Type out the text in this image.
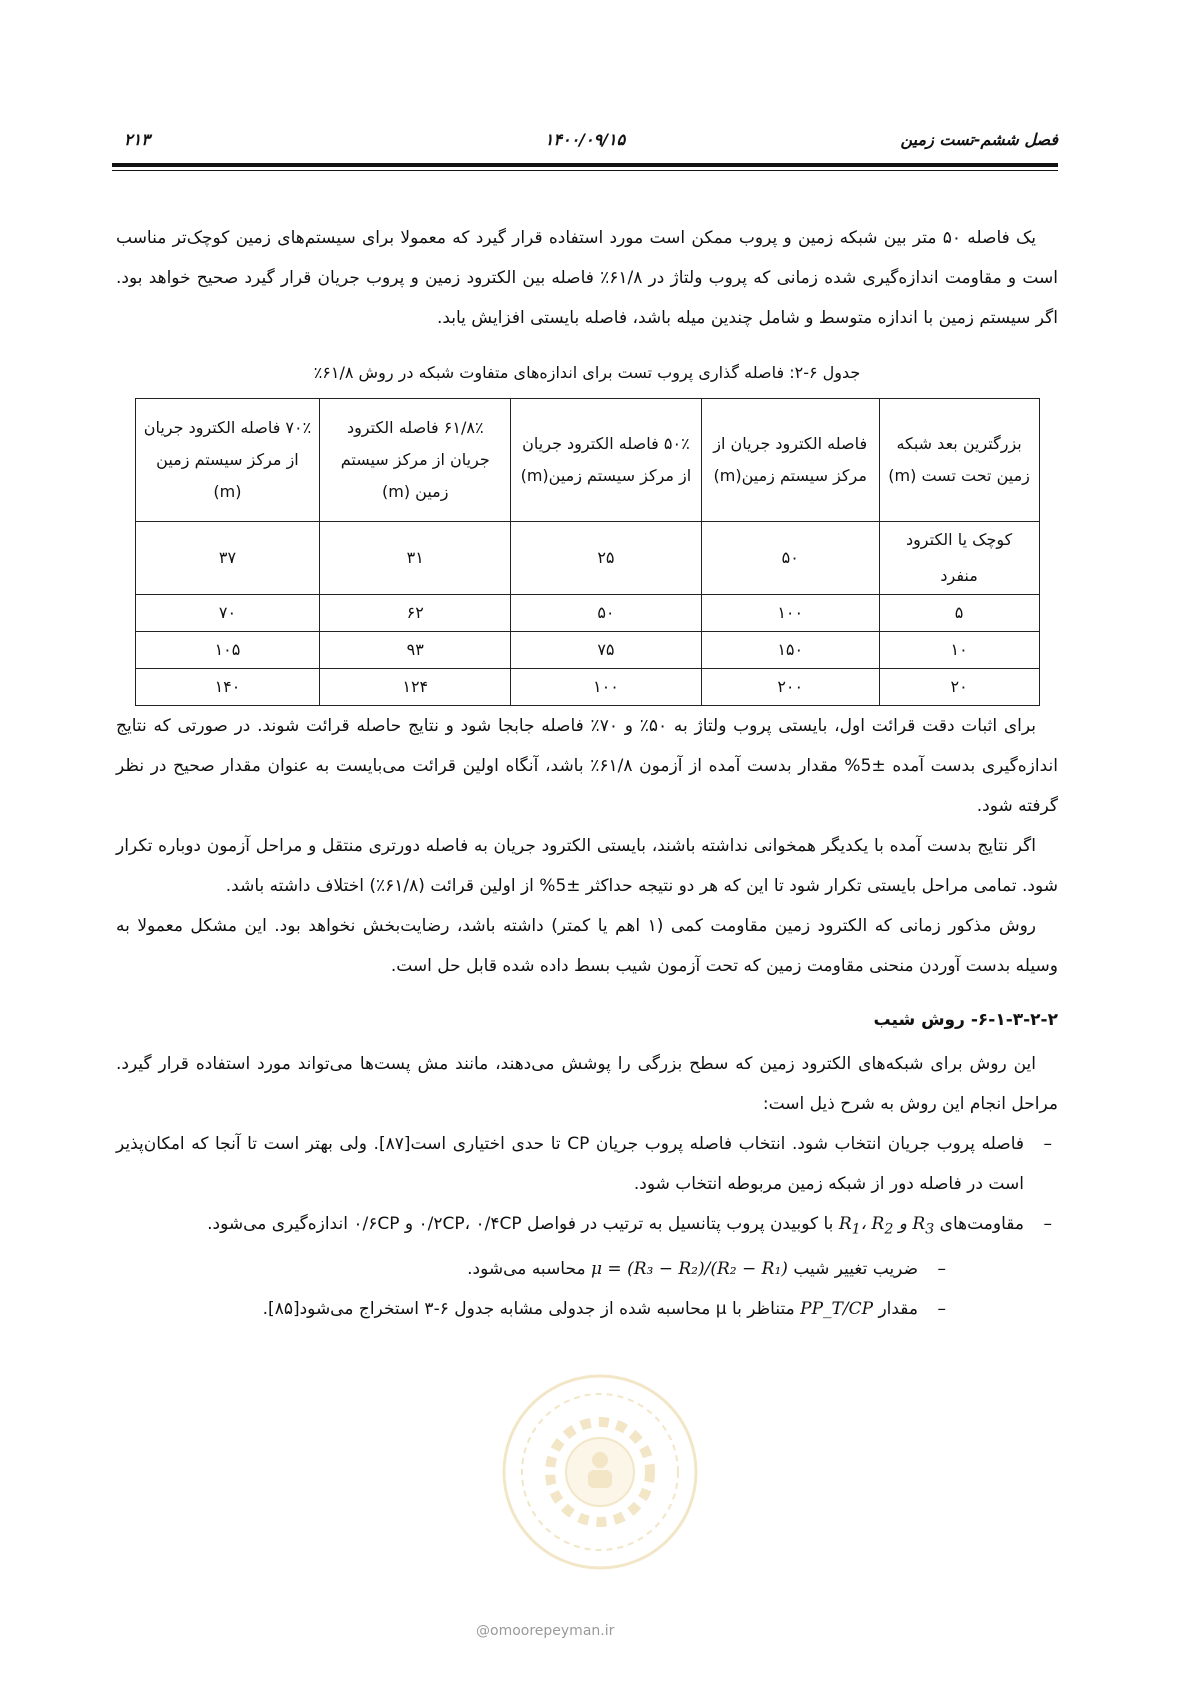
فصل ششم-تست زمین
۱۴۰۰/۰۹/۱۵
۲۱۳

یک فاصله ۵۰ متر بین شبکه زمین و پروب ممکن است مورد استفاده قرار گیرد که معمولا برای سیستم‌های زمین کوچک‌تر مناسب است و مقاومت اندازه‌گیری شده زمانی که پروب ولتاژ در ۶۱/۸٪ فاصله بین الکترود زمین و پروب جریان قرار گیرد صحیح خواهد بود. اگر سیستم زمین با اندازه متوسط و شامل چندین میله باشد، فاصله بایستی افزایش یابد.

جدول ۶-۲: فاصله گذاری پروب تست برای اندازه‌های متفاوت شبکه در روش ۶۱/۸٪
بزرگترین بعد شبکه زمین تحت تست (m)	فاصله الکترود جریان از مرکز سیستم زمین(m)	۵۰٪ فاصله الکترود جریان از مرکز سیستم زمین(m)	۶۱/۸٪ فاصله الکترود جریان از مرکز سیستم زمین (m)	۷۰٪ فاصله الکترود جریان از مرکز سیستم زمین (m)
کوچک یا الکترود منفرد	۵۰	۲۵	۳۱	۳۷
۵	۱۰۰	۵۰	۶۲	۷۰
۱۰	۱۵۰	۷۵	۹۳	۱۰۵
۲۰	۲۰۰	۱۰۰	۱۲۴	۱۴۰

برای اثبات دقت قرائت اول، بایستی پروب ولتاژ به ۵۰٪ و ۷۰٪ فاصله جابجا شود و نتایج حاصله قرائت شوند. در صورتی که نتایج اندازه‌گیری بدست آمده ±5% مقدار بدست آمده از آزمون ۶۱/۸٪ باشد، آنگاه اولین قرائت می‌بایست به عنوان مقدار صحیح در نظر گرفته شود.

اگر نتایج بدست آمده با یکدیگر همخوانی نداشته باشند، بایستی الکترود جریان به فاصله دورتری منتقل و مراحل آزمون دوباره تکرار شود. تمامی مراحل بایستی تکرار شود تا این که هر دو نتیجه حداکثر ±5% از اولین قرائت (۶۱/۸٪) اختلاف داشته باشد.

روش مذکور زمانی که الکترود زمین مقاومت کمی (۱ اهم یا کمتر) داشته باشد، رضایت‌بخش نخواهد بود. این مشکل معمولا به وسیله بدست آوردن منحنی مقاومت زمین که تحت آزمون شیب بسط داده شده قابل حل است.

۶-۱-۳-۲-۲- روش شیب

این روش برای شبکه‌های الکترود زمین که سطح بزرگی را پوشش می‌دهند، مانند مش پست‌ها می‌تواند مورد استفاده قرار گیرد. مراحل انجام این روش به شرح ذیل است:

– فاصله پروب جریان انتخاب شود. انتخاب فاصله پروب جریان CP تا حدی اختیاری است[۸۷]. ولی بهتر است تا آنجا که امکان‌پذیر است در فاصله دور از شبکه زمین مربوطه انتخاب شود.
– مقاومت‌های $R_1،$ $R_2$ و $R_3$ با کوبیدن پروب پتانسیل به ترتیب در فواصل ۰/۲CP، ۰/۴CP و ۰/۶CP اندازه‌گیری می‌شود.
– ضریب تغییر شیب μ = (R₃ − R₂)/(R₂ − R₁) محاسبه می‌شود.
– مقدار PP_T/CP متناظر با μ محاسبه شده از جدولی مشابه جدول ۶-۳ استخراج می‌شود[۸۵].
@omoorepeyman.ir
